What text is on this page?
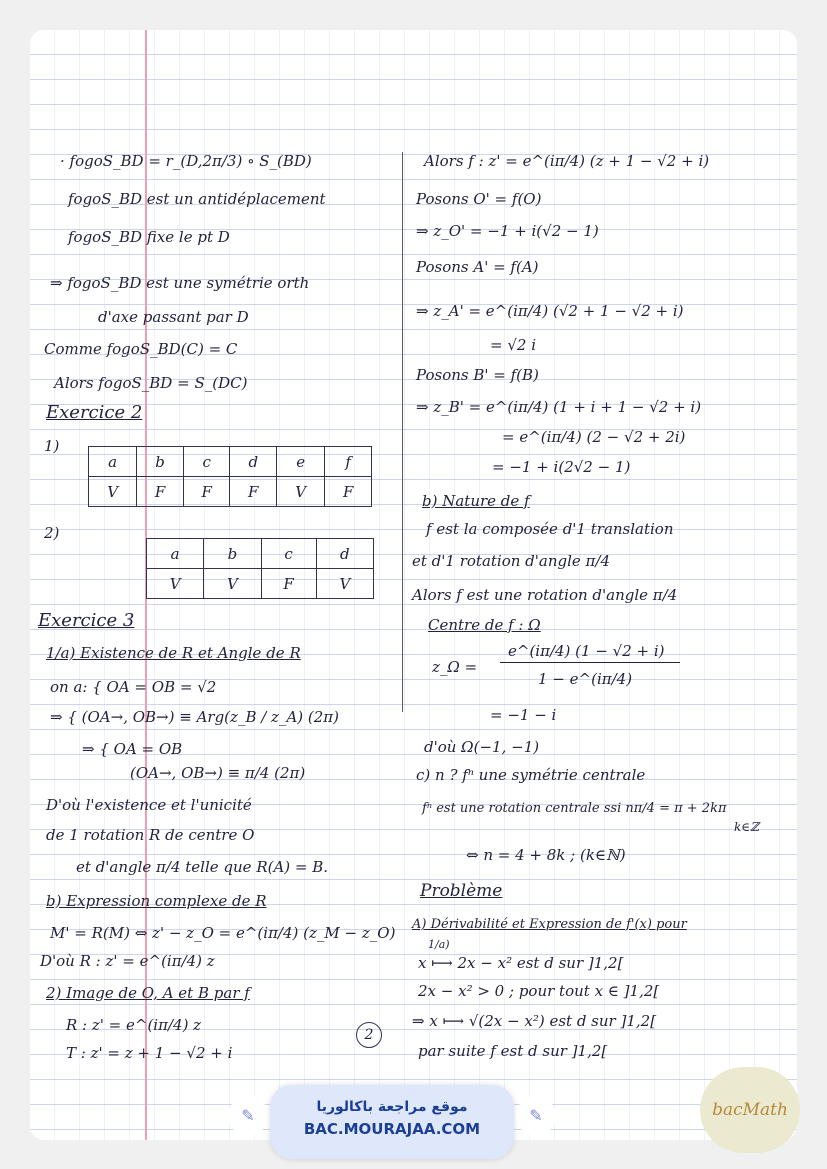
· fogoS_BD = r_(D,2π/3) ∘ S_(BD)
fogoS_BD est un antidéplacement
fogoS_BD fixe le pt D
⇒ fogoS_BD est une symétrie orth
d'axe passant par D
Comme fogoS_BD(C) = C
Alors fogoS_BD = S_(DC)
Exercice 2
1)
a	b	c	d	e	f
V	F	F	F	V	F
2)
a	b	c	d
V	V	F	V
Exercice 3
1/a) Existence de R et Angle de R
on a: { OA = OB = √2
⇒ { (OA→, OB→) ≡ Arg(z_B / z_A) (2π)
⇒ { OA = OB
(OA→, OB→) ≡ π/4 (2π)
D'où l'existence et l'unicité
de 1 rotation R de centre O
et d'angle π/4 telle que R(A) = B.
b) Expression complexe de R
M' = R(M) ⇔ z' − z_O = e^(iπ/4) (z_M − z_O)
D'où R : z' = e^(iπ/4) z
2) Image de O, A et B par f
R : z' = e^(iπ/4) z
T : z' = z + 1 − √2 + i
Alors f : z' = e^(iπ/4) (z + 1 − √2 + i)
Posons O' = f(O)
⇒ z_O' = −1 + i(√2 − 1)
Posons A' = f(A)
⇒ z_A' = e^(iπ/4) (√2 + 1 − √2 + i)
= √2 i
Posons B' = f(B)
⇒ z_B' = e^(iπ/4) (1 + i + 1 − √2 + i)
= e^(iπ/4) (2 − √2 + 2i)
= −1 + i(2√2 − 1)
b) Nature de f
f est la composée d'1 translation
et d'1 rotation d'angle π/4
Alors f est une rotation d'angle π/4
Centre de f : Ω
z_Ω =
e^(iπ/4) (1 − √2 + i)
1 − e^(iπ/4)
= −1 − i
d'où Ω(−1, −1)
c) n ? fⁿ une symétrie centrale
fⁿ est une rotation centrale ssi nπ/4 = π + 2kπ
k∈ℤ
⇔ n = 4 + 8k ; (k∈ℕ)
Problème
A) Dérivabilité et Expression de f'(x) pour
1/a)
x ⟼ 2x − x² est d sur ]1,2[
2x − x² > 0 ; pour tout x ∈ ]1,2[
⇒ x ⟼ √(2x − x²) est d sur ]1,2[
par suite f est d sur ]1,2[
2
✎	موقع مراجعة باكالوريا
BAC.MOURAJAA.COM
✎	bacMath
